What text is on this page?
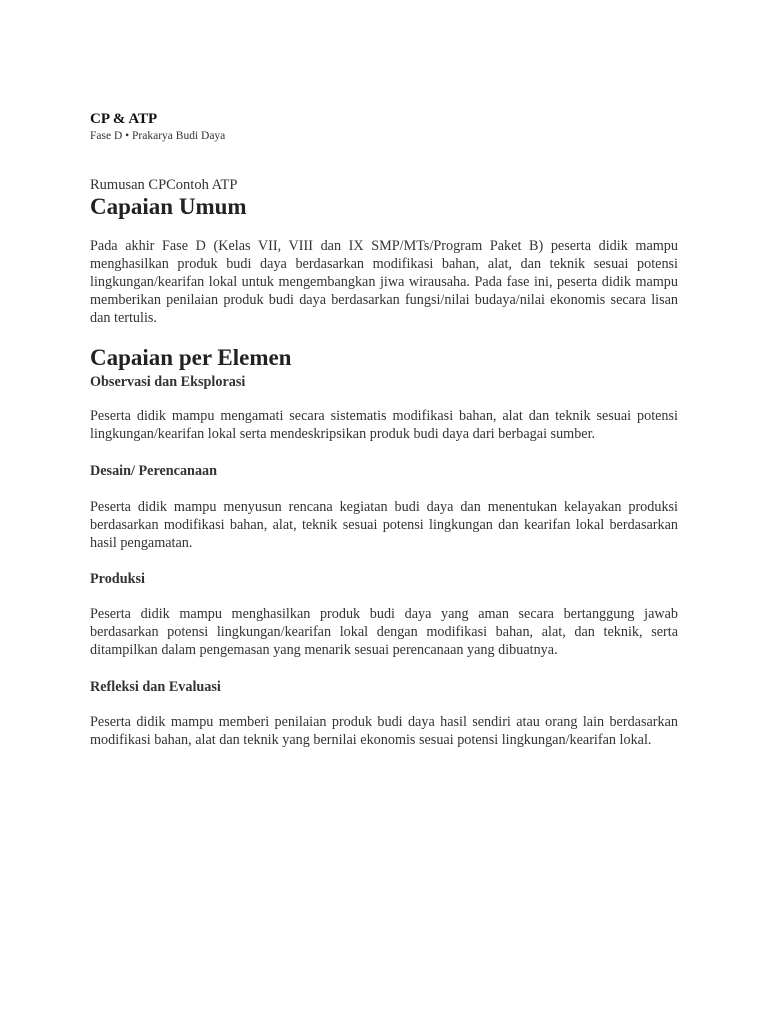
CP & ATP
Fase D • Prakarya Budi Daya
Rumusan CPContoh ATP
Capaian Umum
Pada akhir Fase D (Kelas VII, VIII dan IX SMP/MTs/Program Paket B) peserta didik mampu menghasilkan produk budi daya berdasarkan modifikasi bahan, alat, dan teknik sesuai potensi lingkungan/kearifan lokal untuk mengembangkan jiwa wirausaha. Pada fase ini, peserta didik mampu memberikan penilaian produk budi daya berdasarkan fungsi/nilai budaya/nilai ekonomis secara lisan dan tertulis.
Capaian per Elemen
Observasi dan Eksplorasi
Peserta didik mampu mengamati secara sistematis modifikasi bahan, alat dan teknik sesuai potensi lingkungan/kearifan lokal serta mendeskripsikan produk budi daya dari berbagai sumber.
Desain/ Perencanaan
Peserta didik mampu menyusun rencana kegiatan budi daya dan menentukan kelayakan produksi berdasarkan modifikasi bahan, alat, teknik sesuai potensi lingkungan dan kearifan lokal berdasarkan hasil pengamatan.
Produksi
Peserta didik mampu menghasilkan produk budi daya yang aman secara bertanggung jawab berdasarkan potensi lingkungan/kearifan lokal dengan modifikasi bahan, alat, dan teknik, serta ditampilkan dalam pengemasan yang menarik sesuai perencanaan yang dibuatnya.
Refleksi dan Evaluasi
Peserta didik mampu memberi penilaian produk budi daya hasil sendiri atau orang lain berdasarkan modifikasi bahan, alat dan teknik yang bernilai ekonomis sesuai potensi lingkungan/kearifan lokal.
